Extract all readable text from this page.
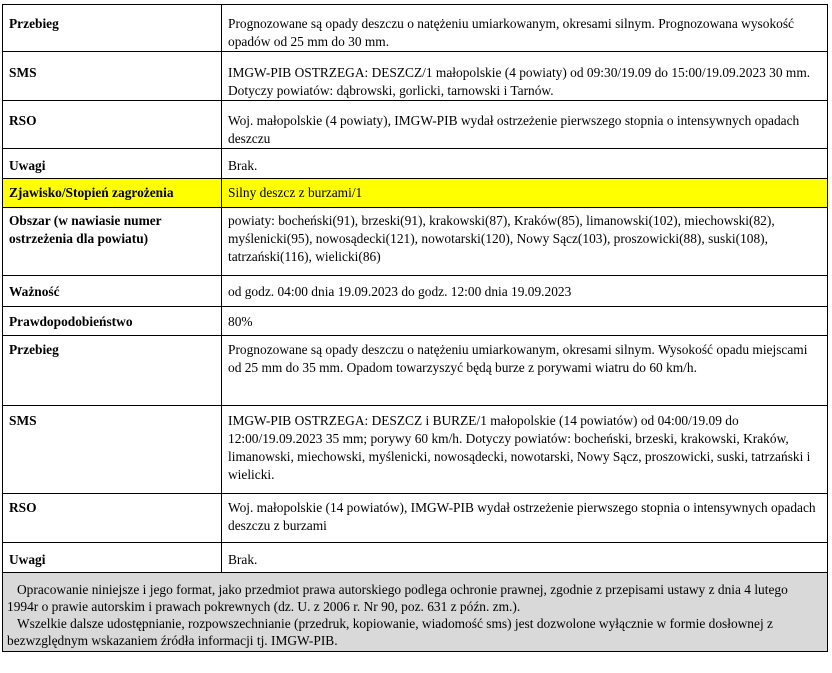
Przebieg	Prognozowane są opady deszczu o natężeniu umiarkowanym, okresami silnym. Prognozowana wysokość opadów od 25 mm do 30 mm.
SMS	IMGW-PIB OSTRZEGA: DESZCZ/1 małopolskie (4 powiaty) od 09:30/19.09 do 15:00/19.09.2023 30 mm. Dotyczy powiatów: dąbrowski, gorlicki, tarnowski i Tarnów.
RSO	Woj. małopolskie (4 powiaty), IMGW-PIB wydał ostrzeżenie pierwszego stopnia o intensywnych opadach deszczu
Uwagi	Brak.
Zjawisko/Stopień zagrożenia	Silny deszcz z burzami/1
Obszar (w nawiasie numer ostrzeżenia dla powiatu)	powiaty: bocheński(91), brzeski(91), krakowski(87), Kraków(85), limanowski(102), miechowski(82), myślenicki(95), nowosądecki(121), nowotarski(120), Nowy Sącz(103), proszowicki(88), suski(108), tatrzański(116), wielicki(86)
Ważność	od godz. 04:00 dnia 19.09.2023 do godz. 12:00 dnia 19.09.2023
Prawdopodobieństwo	80%
Przebieg	Prognozowane są opady deszczu o natężeniu umiarkowanym, okresami silnym. Wysokość opadu miejscami od 25 mm do 35 mm. Opadom towarzyszyć będą burze z porywami wiatru do 60 km/h.
SMS	IMGW-PIB OSTRZEGA: DESZCZ i BURZE/1 małopolskie (14 powiatów) od 04:00/19.09 do 12:00/19.09.2023 35 mm; porywy 60 km/h. Dotyczy powiatów: bocheński, brzeski, krakowski, Kraków, limanowski, miechowski, myślenicki, nowosądecki, nowotarski, Nowy Sącz, proszowicki, suski, tatrzański i wielicki.
RSO	Woj. małopolskie (14 powiatów), IMGW-PIB wydał ostrzeżenie pierwszego stopnia o intensywnych opadach deszczu z burzami
Uwagi	Brak.

Opracowanie niniejsze i jego format, jako przedmiot prawa autorskiego podlega ochronie prawnej, zgodnie z przepisami ustawy z dnia 4 lutego 1994r o prawie autorskim i prawach pokrewnych (dz. U. z 2006 r. Nr 90, poz. 631 z późn. zm.).
Wszelkie dalsze udostępnianie, rozpowszechnianie (przedruk, kopiowanie, wiadomość sms) jest dozwolone wyłącznie w formie dosłownej z bezwzględnym wskazaniem źródła informacji tj. IMGW-PIB.	
